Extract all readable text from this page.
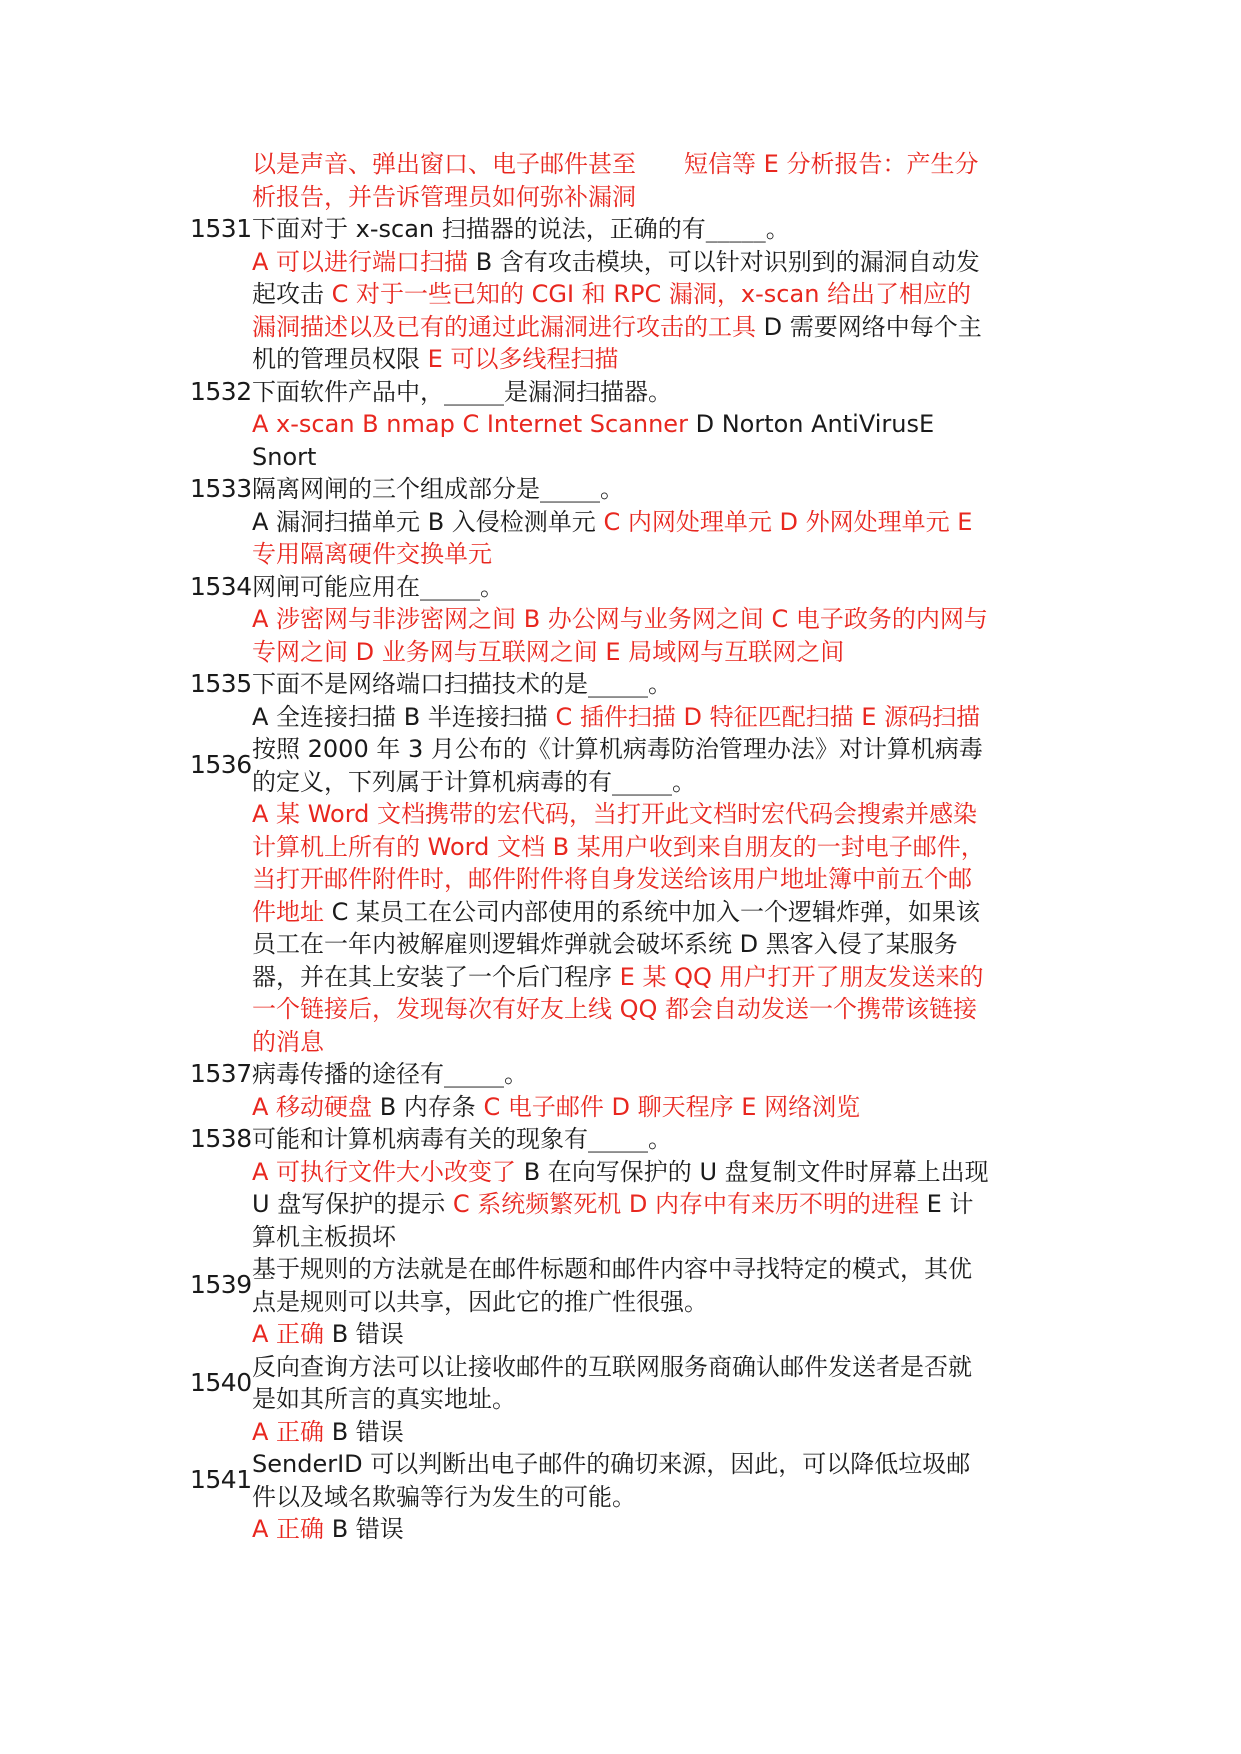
以是声音、弹出窗口、电子邮件甚至　　短信等 E 分析报告：产生分析报告，并告诉管理员如何弥补漏洞
1531 下面对于 x-scan 扫描器的说法，正确的有_____。
A 可以进行端口扫描 B 含有攻击模块，可以针对识别到的漏洞自动发起攻击 C 对于一些已知的 CGI 和 RPC 漏洞，x-scan 给出了相应的漏洞描述以及已有的通过此漏洞进行攻击的工具 D 需要网络中每个主机的管理员权限 E 可以多线程扫描
1532 下面软件产品中，_____是漏洞扫描器。
A x-scan B nmap C Internet Scanner D Norton AntiVirusE Snort
1533 隔离网闸的三个组成部分是_____。
A 漏洞扫描单元 B 入侵检测单元 C 内网处理单元 D 外网处理单元 E 专用隔离硬件交换单元
1534 网闸可能应用在_____。
A 涉密网与非涉密网之间 B 办公网与业务网之间 C 电子政务的内网与专网之间 D 业务网与互联网之间 E 局域网与互联网之间
1535 下面不是网络端口扫描技术的是_____。
A 全连接扫描 B 半连接扫描 C 插件扫描 D 特征匹配扫描 E 源码扫描
1536
按照 2000 年 3 月公布的《计算机病毒防治管理办法》对计算机病毒的定义，下列属于计算机病毒的有_____。
A 某 Word 文档携带的宏代码，当打开此文档时宏代码会搜索并感染计算机上所有的 Word 文档 B 某用户收到来自朋友的一封电子邮件，当打开邮件附件时，邮件附件将自身发送给该用户地址簿中前五个邮件地址 C 某员工在公司内部使用的系统中加入一个逻辑炸弹，如果该员工在一年内被解雇则逻辑炸弹就会破坏系统 D 黑客入侵了某服务器，并在其上安装了一个后门程序 E 某 QQ 用户打开了朋友发送来的一个链接后，发现每次有好友上线 QQ 都会自动发送一个携带该链接的消息
1537 病毒传播的途径有_____。
A 移动硬盘 B 内存条 C 电子邮件 D 聊天程序 E 网络浏览
1538 可能和计算机病毒有关的现象有_____。
A 可执行文件大小改变了 B 在向写保护的 U 盘复制文件时屏幕上出现 U 盘写保护的提示 C 系统频繁死机 D 内存中有来历不明的进程 E 计算机主板损坏
1539
基于规则的方法就是在邮件标题和邮件内容中寻找特定的模式，其优点是规则可以共享，因此它的推广性很强。
A 正确 B 错误
1540
反向查询方法可以让接收邮件的互联网服务商确认邮件发送者是否就是如其所言的真实地址。
A 正确 B 错误
1541
SenderID 可以判断出电子邮件的确切来源，因此，可以降低垃圾邮件以及域名欺骗等行为发生的可能。
A 正确 B 错误
